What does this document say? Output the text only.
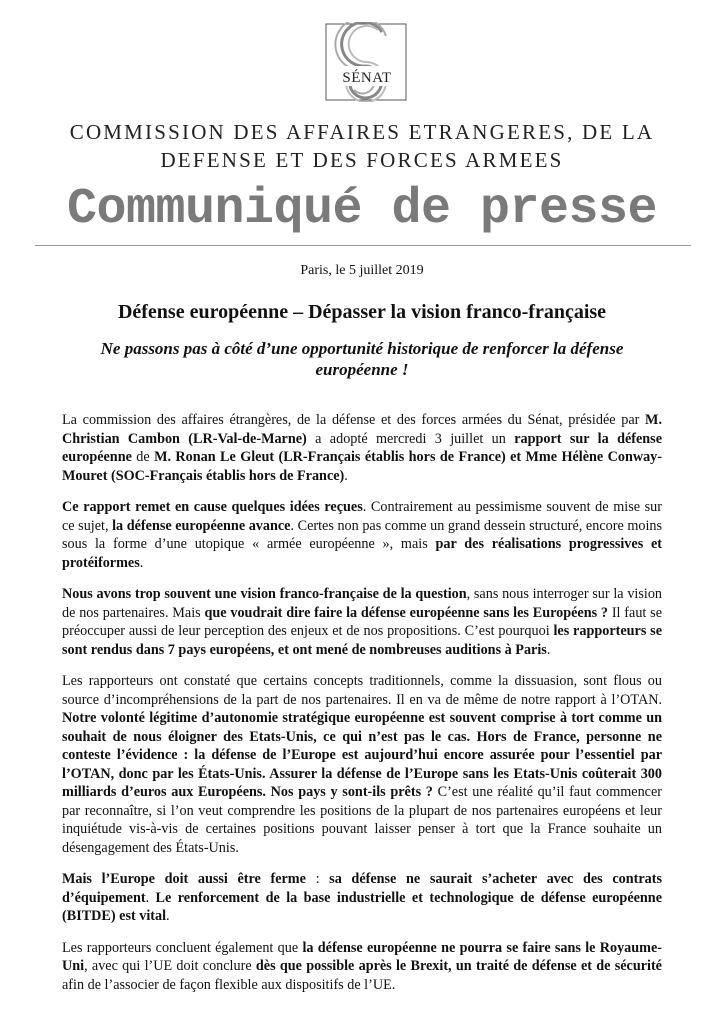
SÉNAT
COMMISSION DES AFFAIRES ETRANGERES, DE LA
DEFENSE ET DES FORCES ARMEES
Communiqué de presse
Paris, le 5 juillet 2019
Défense européenne – Dépasser la vision franco-française
Ne passons pas à côté d’une opportunité historique de renforcer la défense européenne !

La commission des affaires étrangères, de la défense et des forces armées du Sénat, présidée par M. Christian Cambon (LR-Val-de-Marne) a adopté mercredi 3 juillet un rapport sur la défense européenne de M. Ronan Le Gleut (LR-Français établis hors de France) et Mme Hélène Conway-Mouret (SOC-Français établis hors de France).

Ce rapport remet en cause quelques idées reçues. Contrairement au pessimisme souvent de mise sur ce sujet, la défense européenne avance. Certes non pas comme un grand dessein structuré, encore moins sous la forme d’une utopique « armée européenne », mais par des réalisations progressives et protéiformes.

Nous avons trop souvent une vision franco-française de la question, sans nous interroger sur la vision de nos partenaires. Mais que voudrait dire faire la défense européenne sans les Européens ? Il faut se préoccuper aussi de leur perception des enjeux et de nos propositions. C’est pourquoi les rapporteurs se sont rendus dans 7 pays européens, et ont mené de nombreuses auditions à Paris.

Les rapporteurs ont constaté que certains concepts traditionnels, comme la dissuasion, sont flous ou source d’incompréhensions de la part de nos partenaires. Il en va de même de notre rapport à l’OTAN. Notre volonté légitime d’autonomie stratégique européenne est souvent comprise à tort comme un souhait de nous éloigner des Etats-Unis, ce qui n’est pas le cas. Hors de France, personne ne conteste l’évidence : la défense de l’Europe est aujourd’hui encore assurée pour l’essentiel par l’OTAN, donc par les États-Unis. Assurer la défense de l’Europe sans les Etats-Unis coûterait 300 milliards d’euros aux Européens. Nos pays y sont-ils prêts ? C’est une réalité qu’il faut commencer par reconnaître, si l’on veut comprendre les positions de la plupart de nos partenaires européens et leur inquiétude vis-à-vis de certaines positions pouvant laisser penser à tort que la France souhaite un désengagement des États-Unis.

Mais l’Europe doit aussi être ferme : sa défense ne saurait s’acheter avec des contrats d’équipement. Le renforcement de la base industrielle et technologique de défense européenne (BITDE) est vital.

Les rapporteurs concluent également que la défense européenne ne pourra se faire sans le Royaume-Uni, avec qui l’UE doit conclure dès que possible après le Brexit, un traité de défense et de sécurité afin de l’associer de façon flexible aux dispositifs de l’UE.
